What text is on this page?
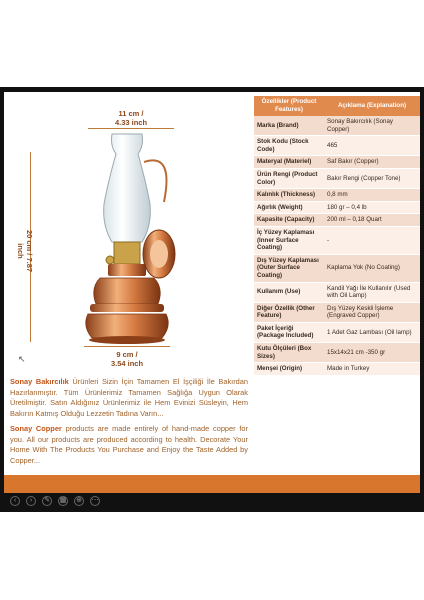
11 cm /
4.33 inch
20 cm / 7.87 inch
9 cm /
3.54 inch
↖

Sonay Bakırcılık Ürünleri Sizin İçin Tamamen El İşçiliği İle Bakırdan Hazırlanmıştır. Tüm Ürünlerimiz Tamamen Sağlığa Uygun Olarak Üretilmiştir. Satın Aldığınız Ürünlerimiz ile Hem Evinizi Süsleyin, Hem Bakırın Katmış Olduğu Lezzetin Tadına Varın...

Sonay Copper products are made entirely of hand-made copper for you. All our products are produced according to health. Decorate Your Home With The Products You Purchase and Enjoy the Taste Added by Copper...

Özellikler (Product Features)	Açıklama (Explanation)
Marka (Brand)	Sonay Bakırcılık (Sonay Copper)
Stok Kodu (Stock Code)	465
Materyal (Materiel)	Saf Bakır (Copper)
Ürün Rengi (Product Color)	Bakır Rengi (Copper Tone)
Kalınlık (Thickness)	0,8 mm
Ağırlık (Weight)	180 gr – 0,4 lb
Kapasite (Capacity)	200 ml – 0,18 Quart
İç Yüzey Kaplaması (Inner Surface Coating)	-
Dış Yüzey Kaplaması (Outer Surface Coating)	Kaplama Yok (No Coating)
Kullanım (Use)	Kandil Yağı İle Kullanılır (Used with Oil Lamp)
Diğer Özellik (Other Feature)	Dış Yüzey Keskli İşleme (Engraved Copper)
Paket İçeriği (Package Included)	1 Adet Gaz Lambası (Oil lamp)
Kutu Ölçüleri (Box Sizes)	15x14x21 cm -350 gr
Menşei (Origin)	Made in Turkey
‹	›	✎ ▦ ⊕ ⋯
